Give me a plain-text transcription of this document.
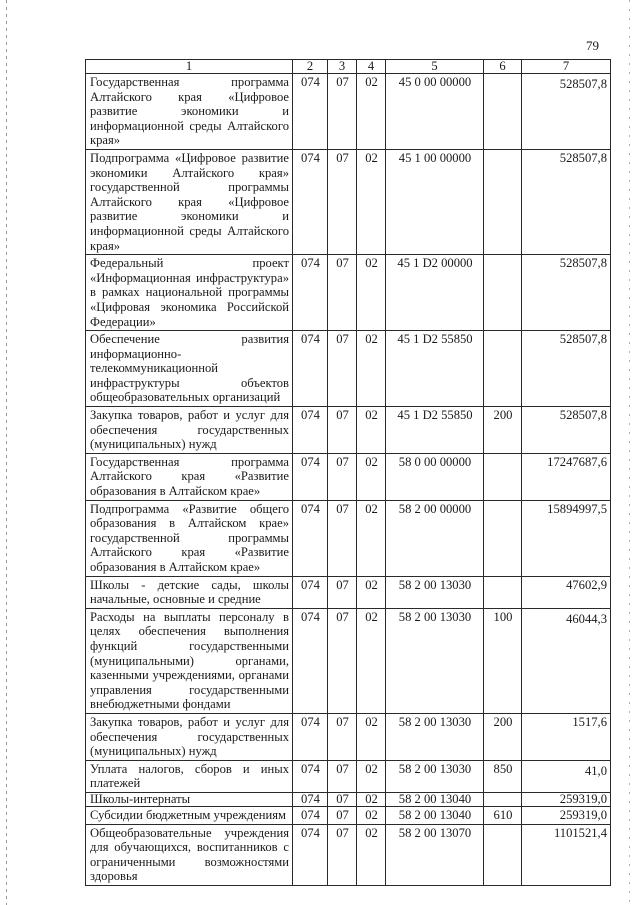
79
1	2	3	4	5	6	7
Государственная программа Алтайского края «Цифровое развитие экономики и информационной среды Алтайского края»	074	07	02	45 0 00 00000		528507,8
Подпрограмма «Цифровое развитие экономики Алтайского края» государственной программы Алтайского края «Цифровое развитие экономики и информационной среды Алтайского края»	074	07	02	45 1 00 00000		528507,8
Федеральный проект «Информационная инфраструктура» в рамках национальной программы «Цифровая экономика Российской Федерации»	074	07	02	45 1 D2 00000		528507,8
Обеспечение развития информационно-телекоммуникационной инфраструктуры объектов общеобразовательных организаций	074	07	02	45 1 D2 55850		528507,8
Закупка товаров, работ и услуг для обеспечения государственных (муниципальных) нужд	074	07	02	45 1 D2 55850	200	528507,8
Государственная программа Алтайского края «Развитие образования в Алтайском крае»	074	07	02	58 0 00 00000		17247687,6
Подпрограмма «Развитие общего образования в Алтайском крае» государственной программы Алтайского края «Развитие образования в Алтайском крае»	074	07	02	58 2 00 00000		15894997,5
Школы - детские сады, школы начальные, основные и средние	074	07	02	58 2 00 13030		47602,9
Расходы на выплаты персоналу в целях обеспечения выполнения функций государственными (муниципальными) органами, казенными учреждениями, органами управления государственными внебюджетными фондами	074	07	02	58 2 00 13030	100	46044,3
Закупка товаров, работ и услуг для обеспечения государственных (муниципальных) нужд	074	07	02	58 2 00 13030	200	1517,6
Уплата налогов, сборов и иных платежей	074	07	02	58 2 00 13030	850	41,0
Школы-интернаты	074	07	02	58 2 00 13040		259319,0
Субсидии бюджетным учреждениям	074	07	02	58 2 00 13040	610	259319,0
Общеобразовательные учреждения для обучающихся, воспитанников с ограниченными возможностями здоровья	074	07	02	58 2 00 13070		1101521,4
